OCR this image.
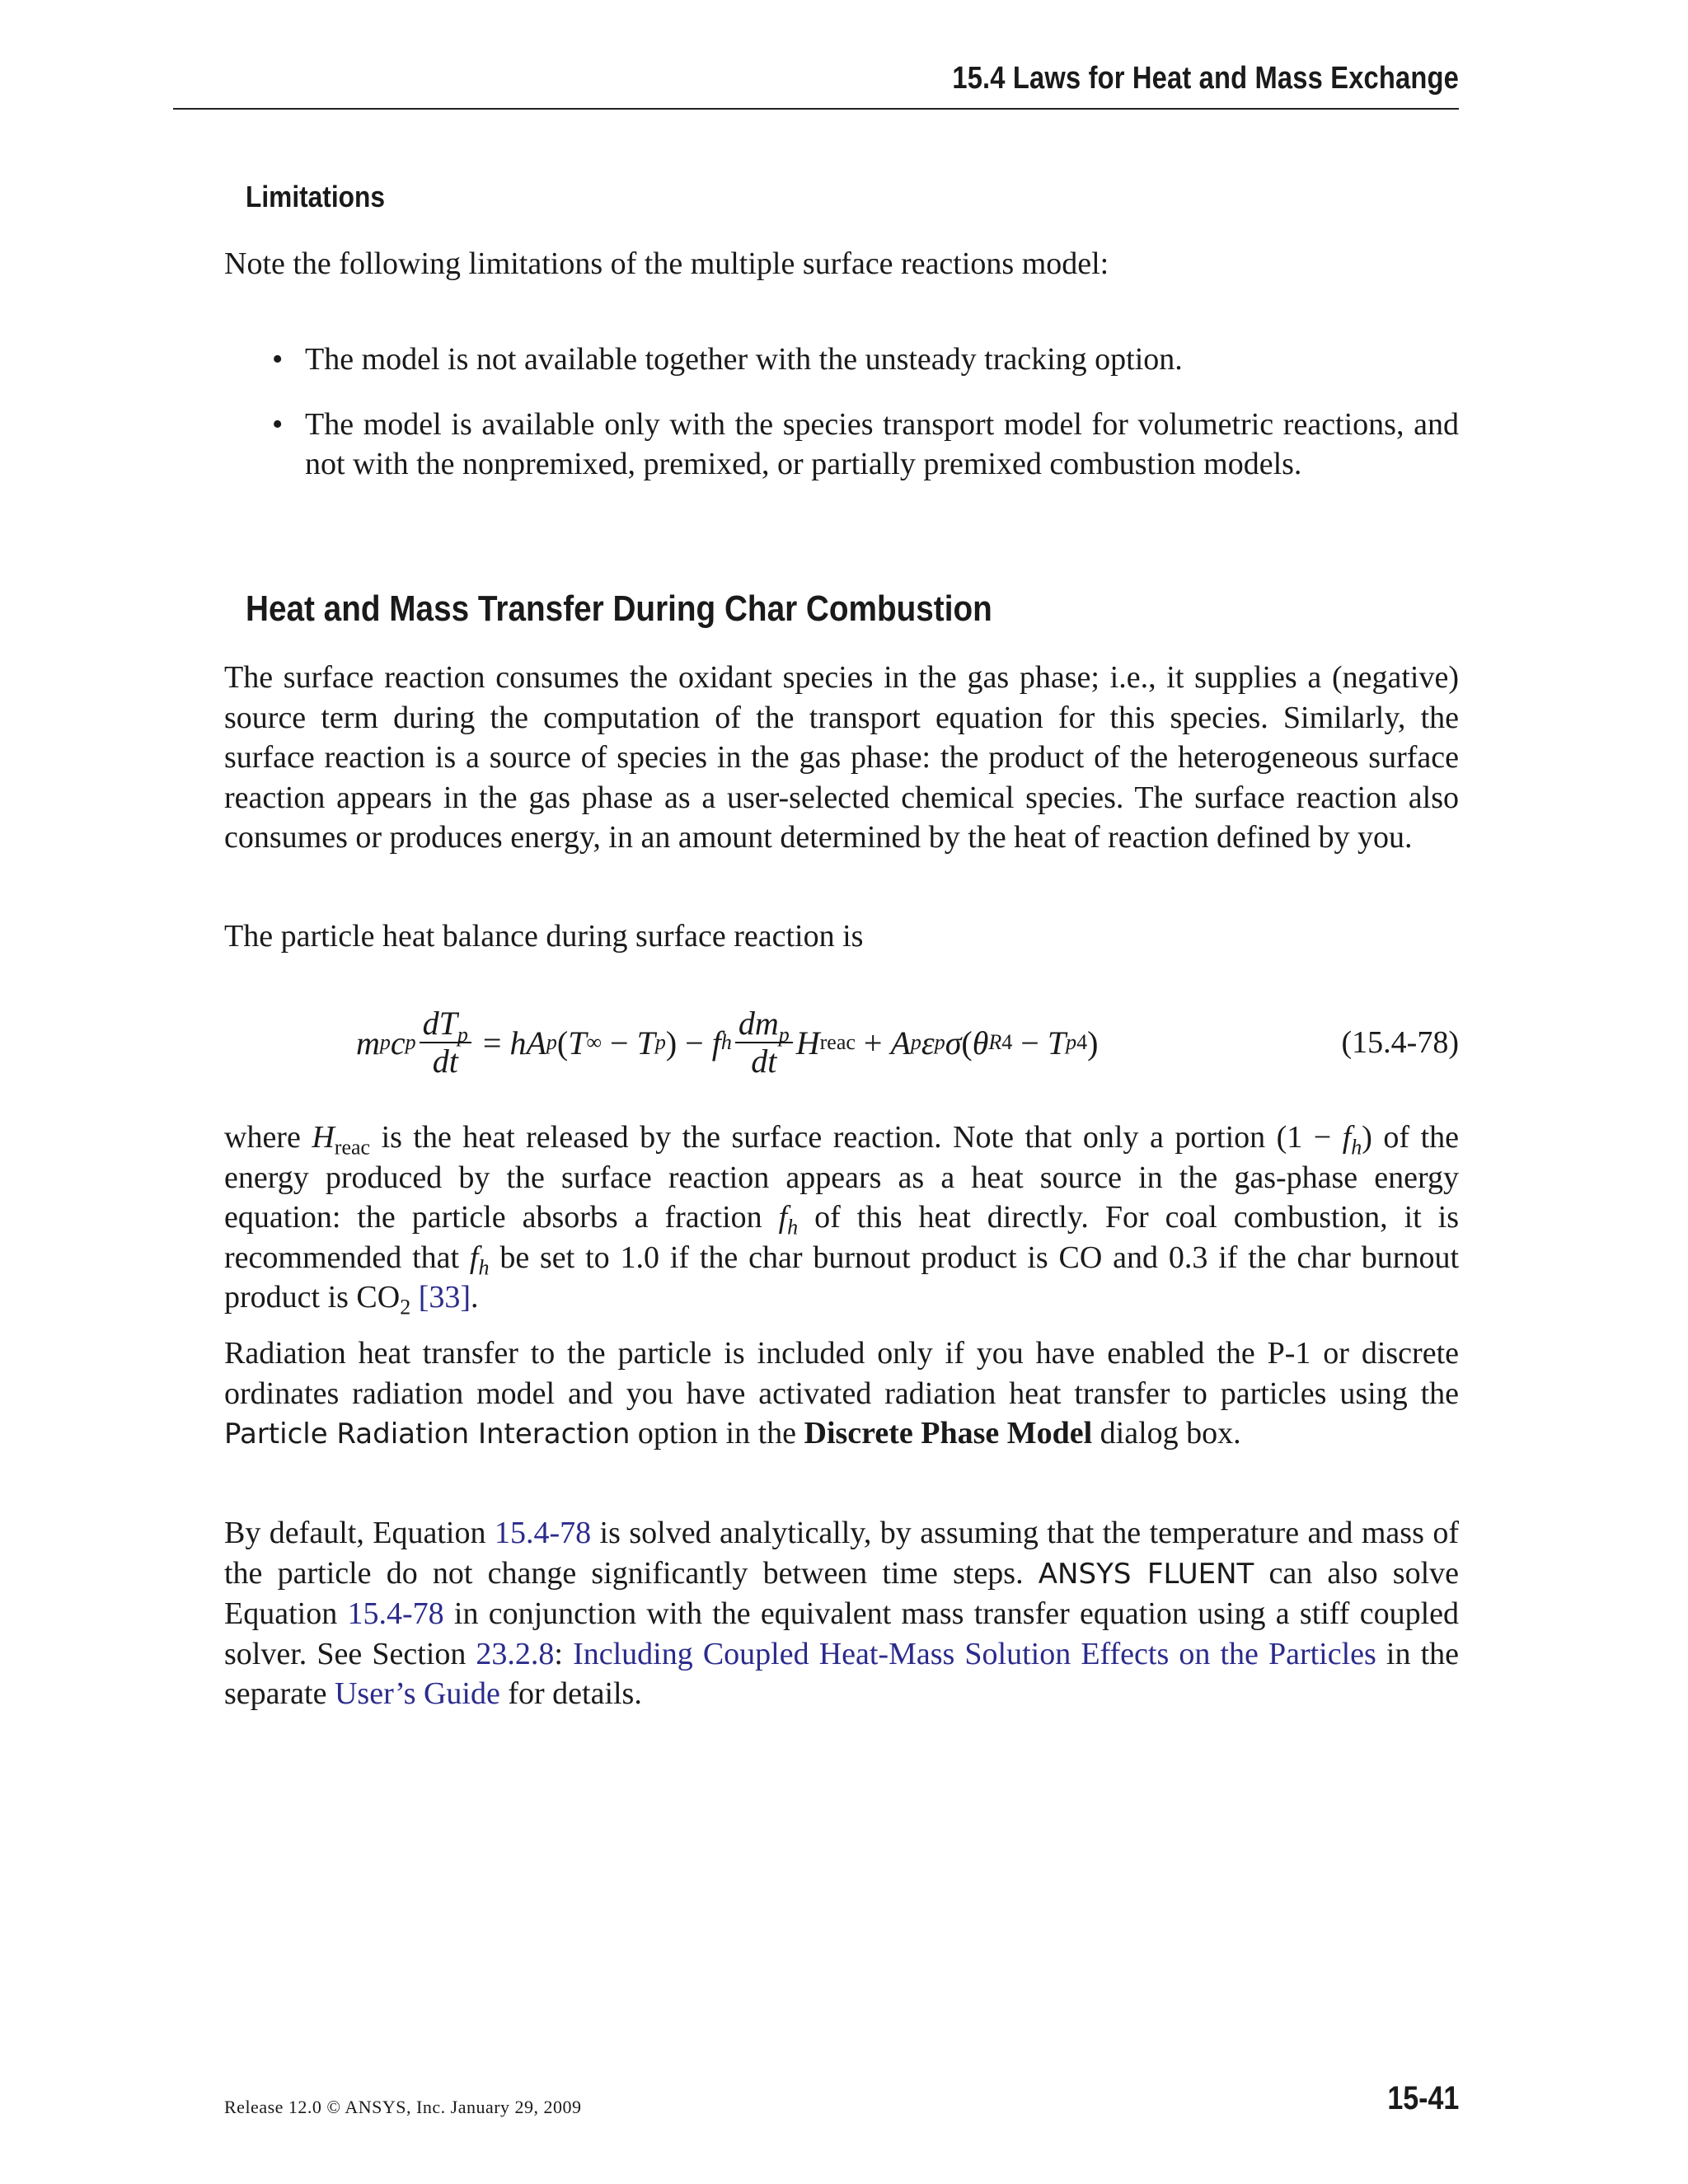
15.4 Laws for Heat and Mass Exchange
Limitations

Note the following limitations of the multiple surface reactions model:

• The model is not available together with the unsteady tracking option.
• The model is available only with the species transport model for volumetric reactions, and not with the nonpremixed, premixed, or partially premixed combustion models.
Heat and Mass Transfer During Char Combustion

The surface reaction consumes the oxidant species in the gas phase; i.e., it supplies a (negative) source term during the computation of the transport equation for this species. Similarly, the surface reaction is a source of species in the gas phase: the product of the heterogeneous surface reaction appears in the gas phase as a user-selected chemical species. The surface reaction also consumes or produces energy, in an amount determined by the heat of reaction defined by you.

The particle heat balance during surface reaction is

m p c p $\frac{dT_p}{dt}$ = hA p ( T ∞ − T p ) − f h $\frac{dm_p}{dt}$ H reac + A p ε p σ ( θ R 4 − T p 4 )	(15.4-78)

where $H_{reac}$ is the heat released by the surface reaction. Note that only a portion $(1 - f_h)$ of the energy produced by the surface reaction appears as a heat source in the gas-phase energy equation: the particle absorbs a fraction $f_h$ of this heat directly. For coal combustion, it is recommended that $f_h$ be set to 1.0 if the char burnout product is CO and 0.3 if the char burnout product is $CO_2$ [33].

Radiation heat transfer to the particle is included only if you have enabled the P-1 or discrete ordinates radiation model and you have activated radiation heat transfer to particles using the Particle Radiation Interaction option in the Discrete Phase Model dialog box.

By default, Equation 15.4-78 is solved analytically, by assuming that the temperature and mass of the particle do not change significantly between time steps. ANSYS FLUENT can also solve Equation 15.4-78 in conjunction with the equivalent mass transfer equation using a stiff coupled solver. See Section 23.2.8: Including Coupled Heat-Mass Solution Effects on the Particles in the separate User’s Guide for details.

Release 12.0 © ANSYS, Inc. January 29, 2009	15-41
